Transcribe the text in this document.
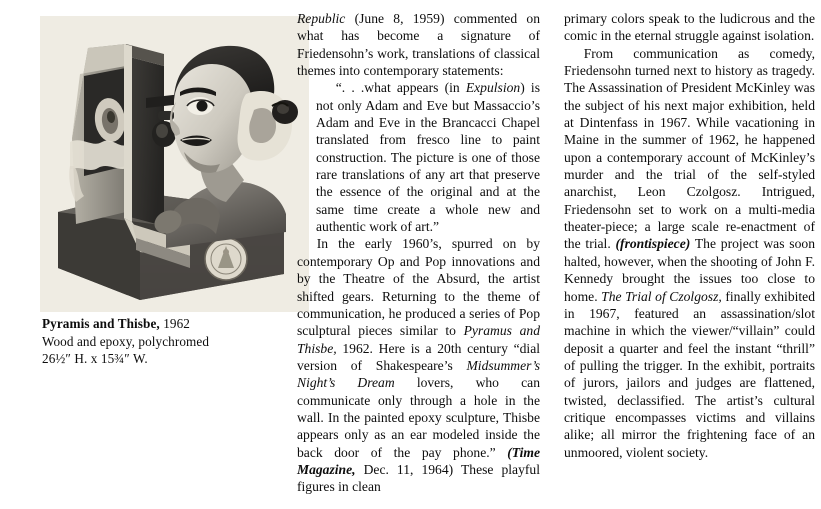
Pyramis and Thisbe, 1962
Wood and epoxy, polychromed
26½″ H. x 15¾″ W.

Republic (June 8, 1959) commented on what has become a signature of Friedensohn’s work, translations of classical themes into contemporary statements:

“. . .what appears (in Expulsion) is not only Adam and Eve but Massaccio’s Adam and Eve in the Brancacci Chapel translated from fresco line to paint construction. The picture is one of those rare translations of any art that preserve the essence of the original and at the same time create a whole new and authentic work of art.”

In the early 1960’s, spurred on by contemporary Op and Pop innovations and by the Theatre of the Absurd, the artist shifted gears. Returning to the theme of communication, he produced a series of Pop sculptural pieces similar to Pyramus and Thisbe, 1962. Here is a 20th century “dial version of Shakespeare’s Midsummer’s Night’s Dream lovers, who can communicate only through a hole in the wall. In the painted epoxy sculpture, Thisbe appears only as an ear modeled inside the back door of the pay phone.” (Time Magazine, Dec. 11, 1964) These playful figures in clean

primary colors speak to the ludicrous and the comic in the eternal struggle against isolation.

From communication as comedy, Friedensohn turned next to history as tragedy. The Assassination of President McKinley was the subject of his next major exhibition, held at Dintenfass in 1967. While vacationing in Maine in the summer of 1962, he happened upon a contemporary account of McKinley’s murder and the trial of the self-styled anarchist, Leon Czolgosz. Intrigued, Friedensohn set to work on a multi-media theater-piece; a large scale re-enactment of the trial. (frontispiece) The project was soon halted, however, when the shooting of John F. Kennedy brought the issues too close to home. The Trial of Czolgosz, finally exhibited in 1967, featured an assassination/slot machine in which the viewer/“villain” could deposit a quarter and feel the instant “thrill” of pulling the trigger. In the exhibit, portraits of jurors, jailors and judges are flattened, twisted, declassified. The artist’s cultural critique encompasses victims and villains alike; all mirror the frightening face of an unmoored, violent society.
